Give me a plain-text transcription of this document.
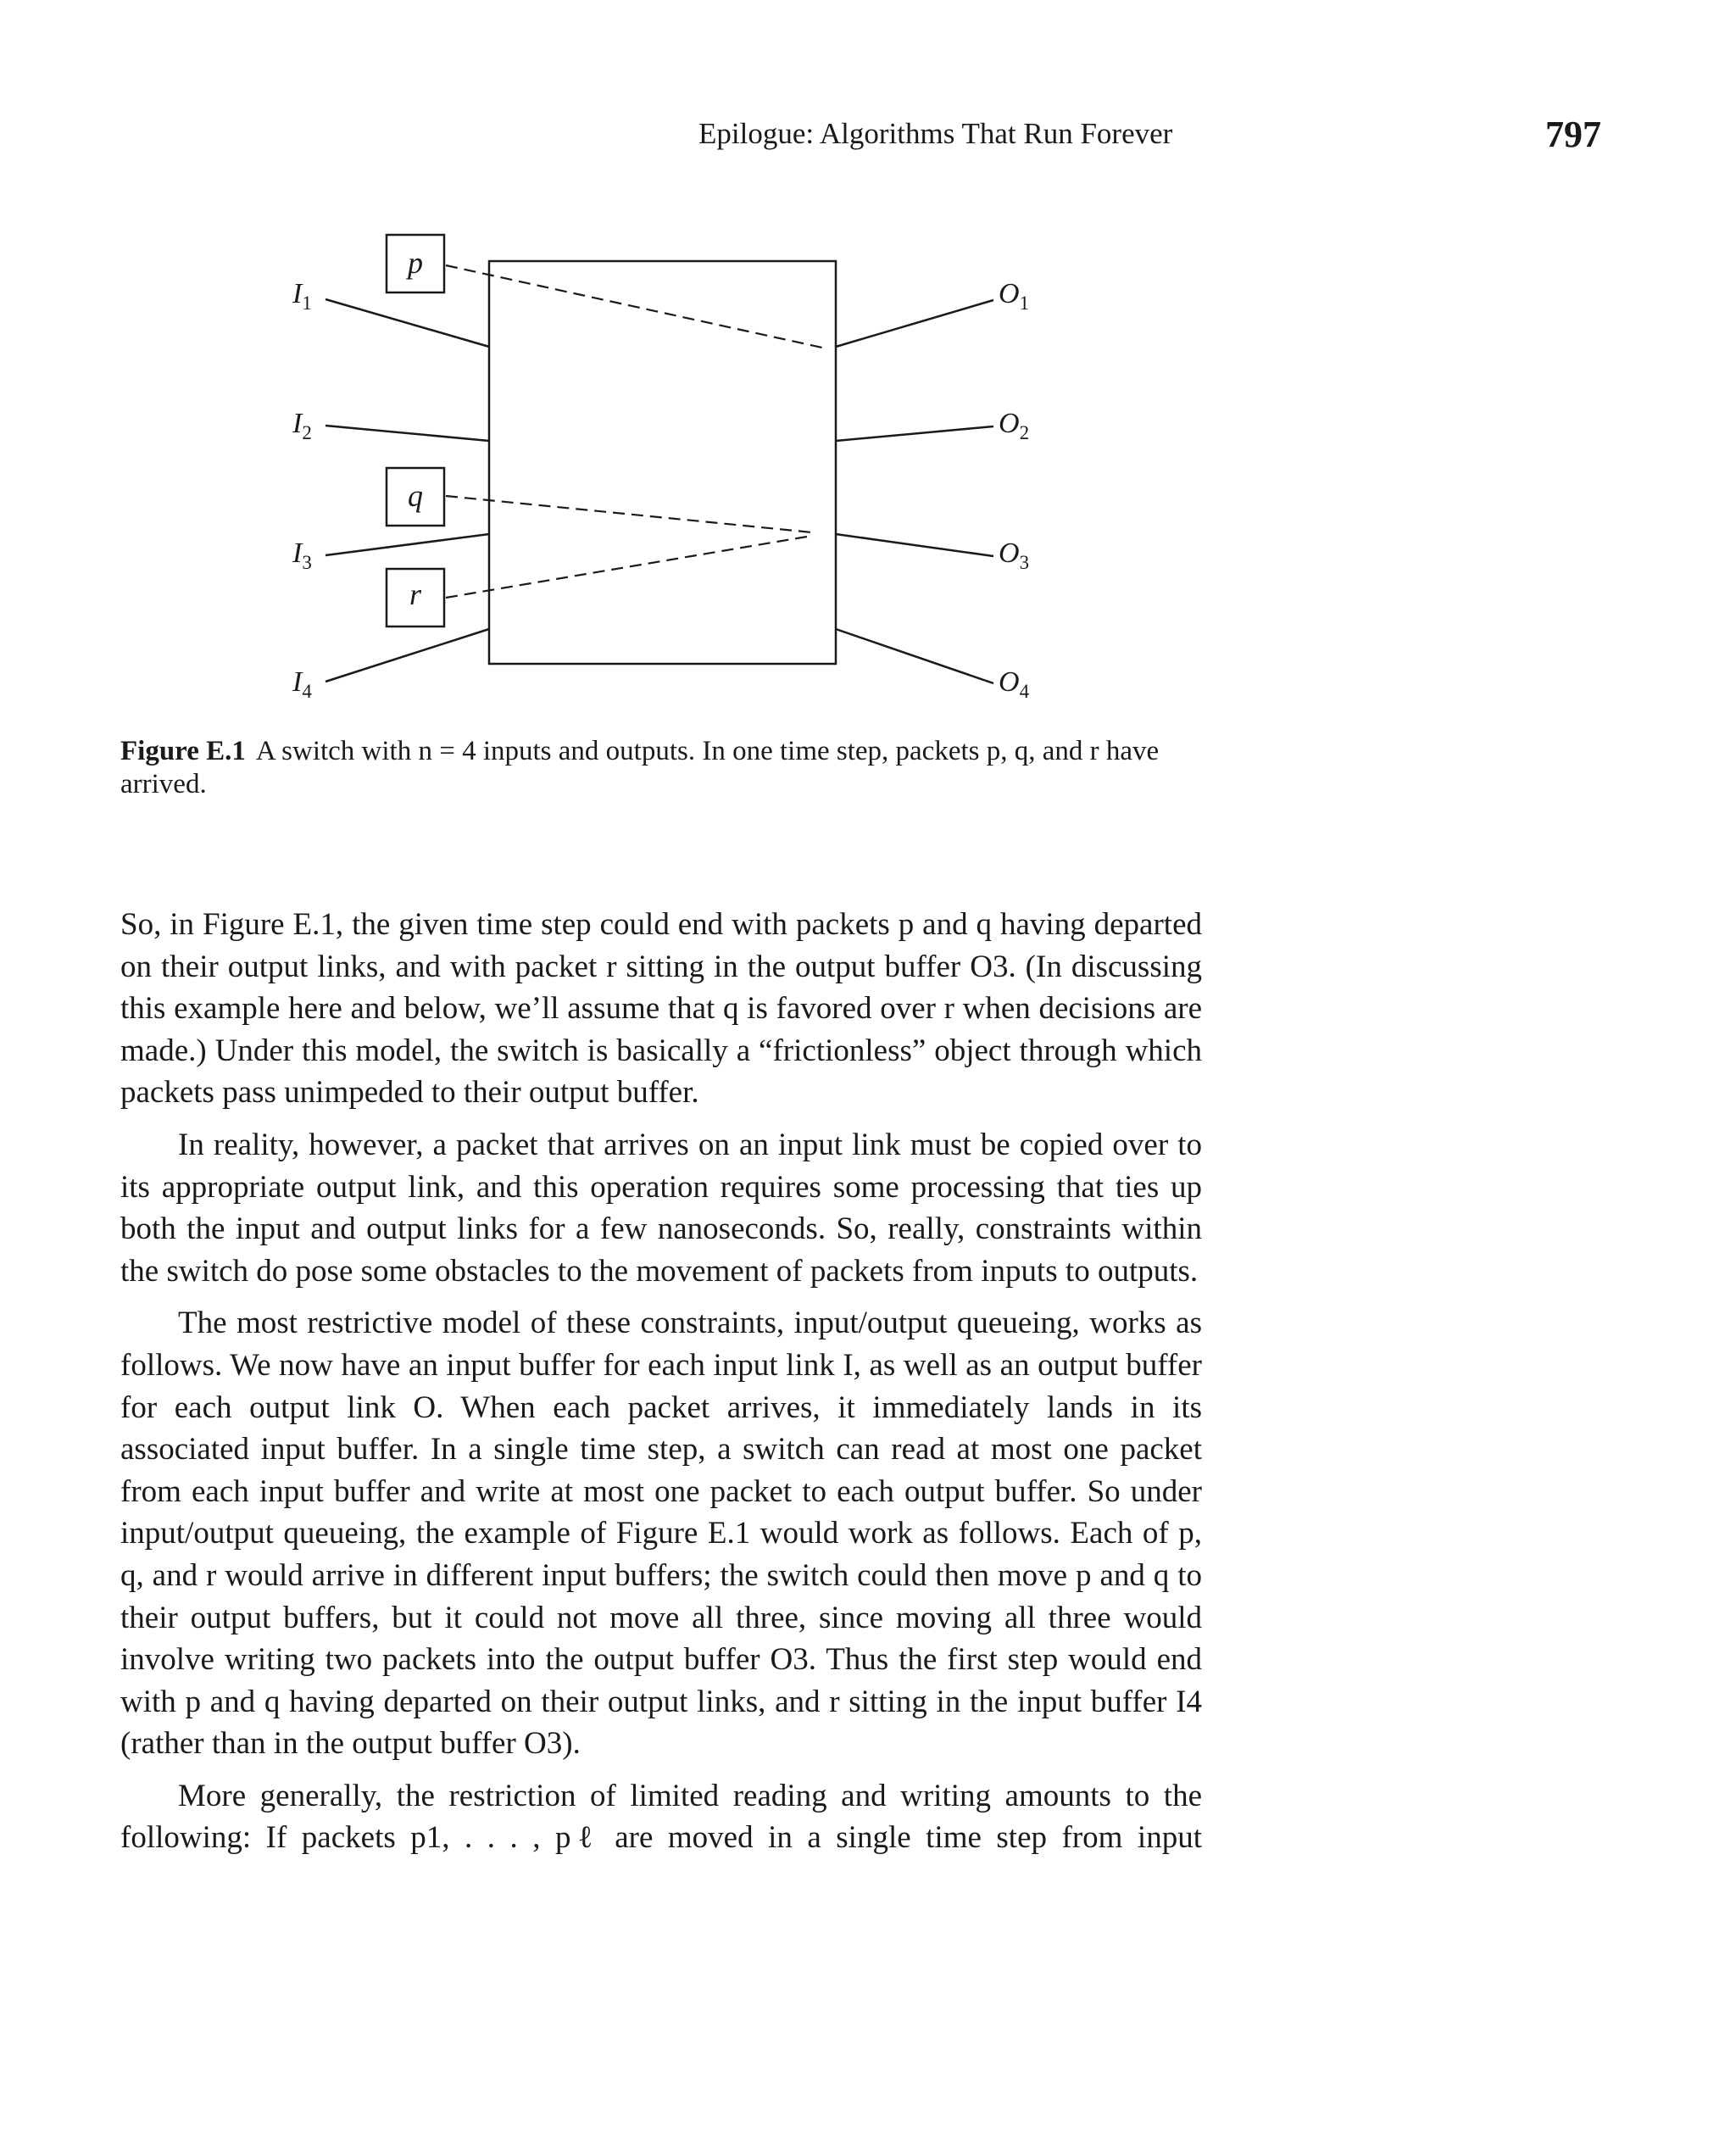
Epilogue: Algorithms That Run Forever	797
p
q
r
$I_1$
$I_2$
$I_3$
$I_4$
$O_1$
$O_2$
$O_3$
$O_4$
Figure E.1 A switch with n = 4 inputs and outputs. In one time step, packets p, q, and r have arrived.

So, in Figure E.1, the given time step could end with packets p and q having departed on their output links, and with packet r sitting in the output buffer O3. (In discussing this example here and below, we’ll assume that q is favored over r when decisions are made.) Under this model, the switch is basically a “frictionless” object through which packets pass unimpeded to their output buffer.

In reality, however, a packet that arrives on an input link must be copied over to its appropriate output link, and this operation requires some processing that ties up both the input and output links for a few nanoseconds. So, really, constraints within the switch do pose some obstacles to the movement of packets from inputs to outputs.

The most restrictive model of these constraints, input/output queueing, works as follows. We now have an input buffer for each input link I, as well as an output buffer for each output link O. When each packet arrives, it immediately lands in its associated input buffer. In a single time step, a switch can read at most one packet from each input buffer and write at most one packet to each output buffer. So under input/output queueing, the example of Figure E.1 would work as follows. Each of p, q, and r would arrive in different input buffers; the switch could then move p and q to their output buffers, but it could not move all three, since moving all three would involve writing two packets into the output buffer O3. Thus the first step would end with p and q having departed on their output links, and r sitting in the input buffer I4 (rather than in the output buffer O3).

More generally, the restriction of limited reading and writing amounts to the following: If packets p1, . . . , pℓ are moved in a single time step from input
